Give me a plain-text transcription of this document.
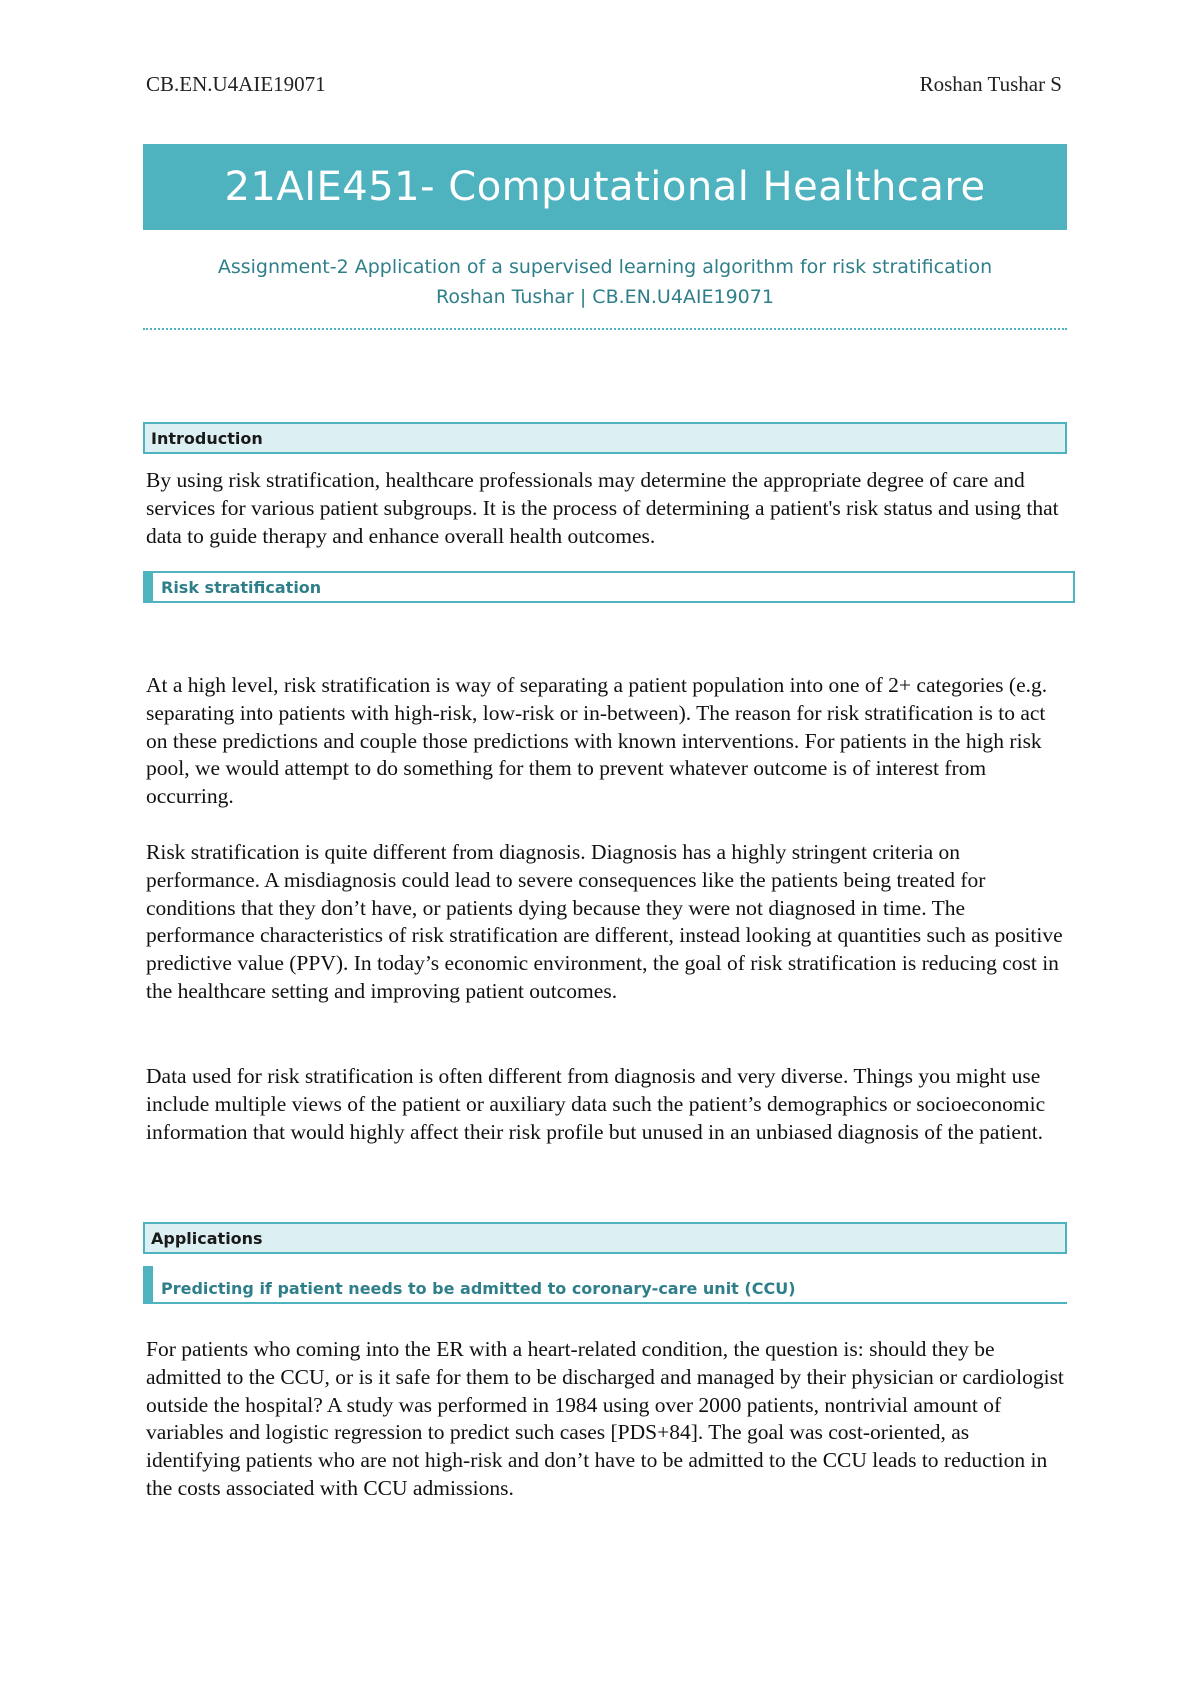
CB.EN.U4AIE19071	Roshan Tushar S
21AIE451- Computational Healthcare
Assignment-2 Application of a supervised learning algorithm for risk stratification
Roshan Tushar | CB.EN.U4AIE19071
Introduction

By using risk stratification, healthcare professionals may determine the appropriate degree of care and services for various patient subgroups. It is the process of determining a patient's risk status and using that data to guide therapy and enhance overall health outcomes.

Risk stratification

At a high level, risk stratification is way of separating a patient population into one of 2+ categories (e.g. separating into patients with high-risk, low-risk or in-between). The reason for risk stratification is to act on these predictions and couple those predictions with known interventions. For patients in the high risk pool, we would attempt to do something for them to prevent whatever outcome is of interest from occurring.

Risk stratification is quite different from diagnosis. Diagnosis has a highly stringent criteria on performance. A misdiagnosis could lead to severe consequences like the patients being treated for conditions that they don’t have, or patients dying because they were not diagnosed in time. The performance characteristics of risk stratification are different, instead looking at quantities such as positive predictive value (PPV). In today’s economic environment, the goal of risk stratification is reducing cost in the healthcare setting and improving patient outcomes.

Data used for risk stratification is often different from diagnosis and very diverse. Things you might use include multiple views of the patient or auxiliary data such the patient’s demographics or socioeconomic information that would highly affect their risk profile but unused in an unbiased diagnosis of the patient.

Applications
Predicting if patient needs to be admitted to coronary-care unit (CCU)

For patients who coming into the ER with a heart-related condition, the question is: should they be admitted to the CCU, or is it safe for them to be discharged and managed by their physician or cardiologist outside the hospital? A study was performed in 1984 using over 2000 patients, nontrivial amount of variables and logistic regression to predict such cases [PDS+84]. The goal was cost-oriented, as identifying patients who are not high-risk and don’t have to be admitted to the CCU leads to reduction in the costs associated with CCU admissions.
